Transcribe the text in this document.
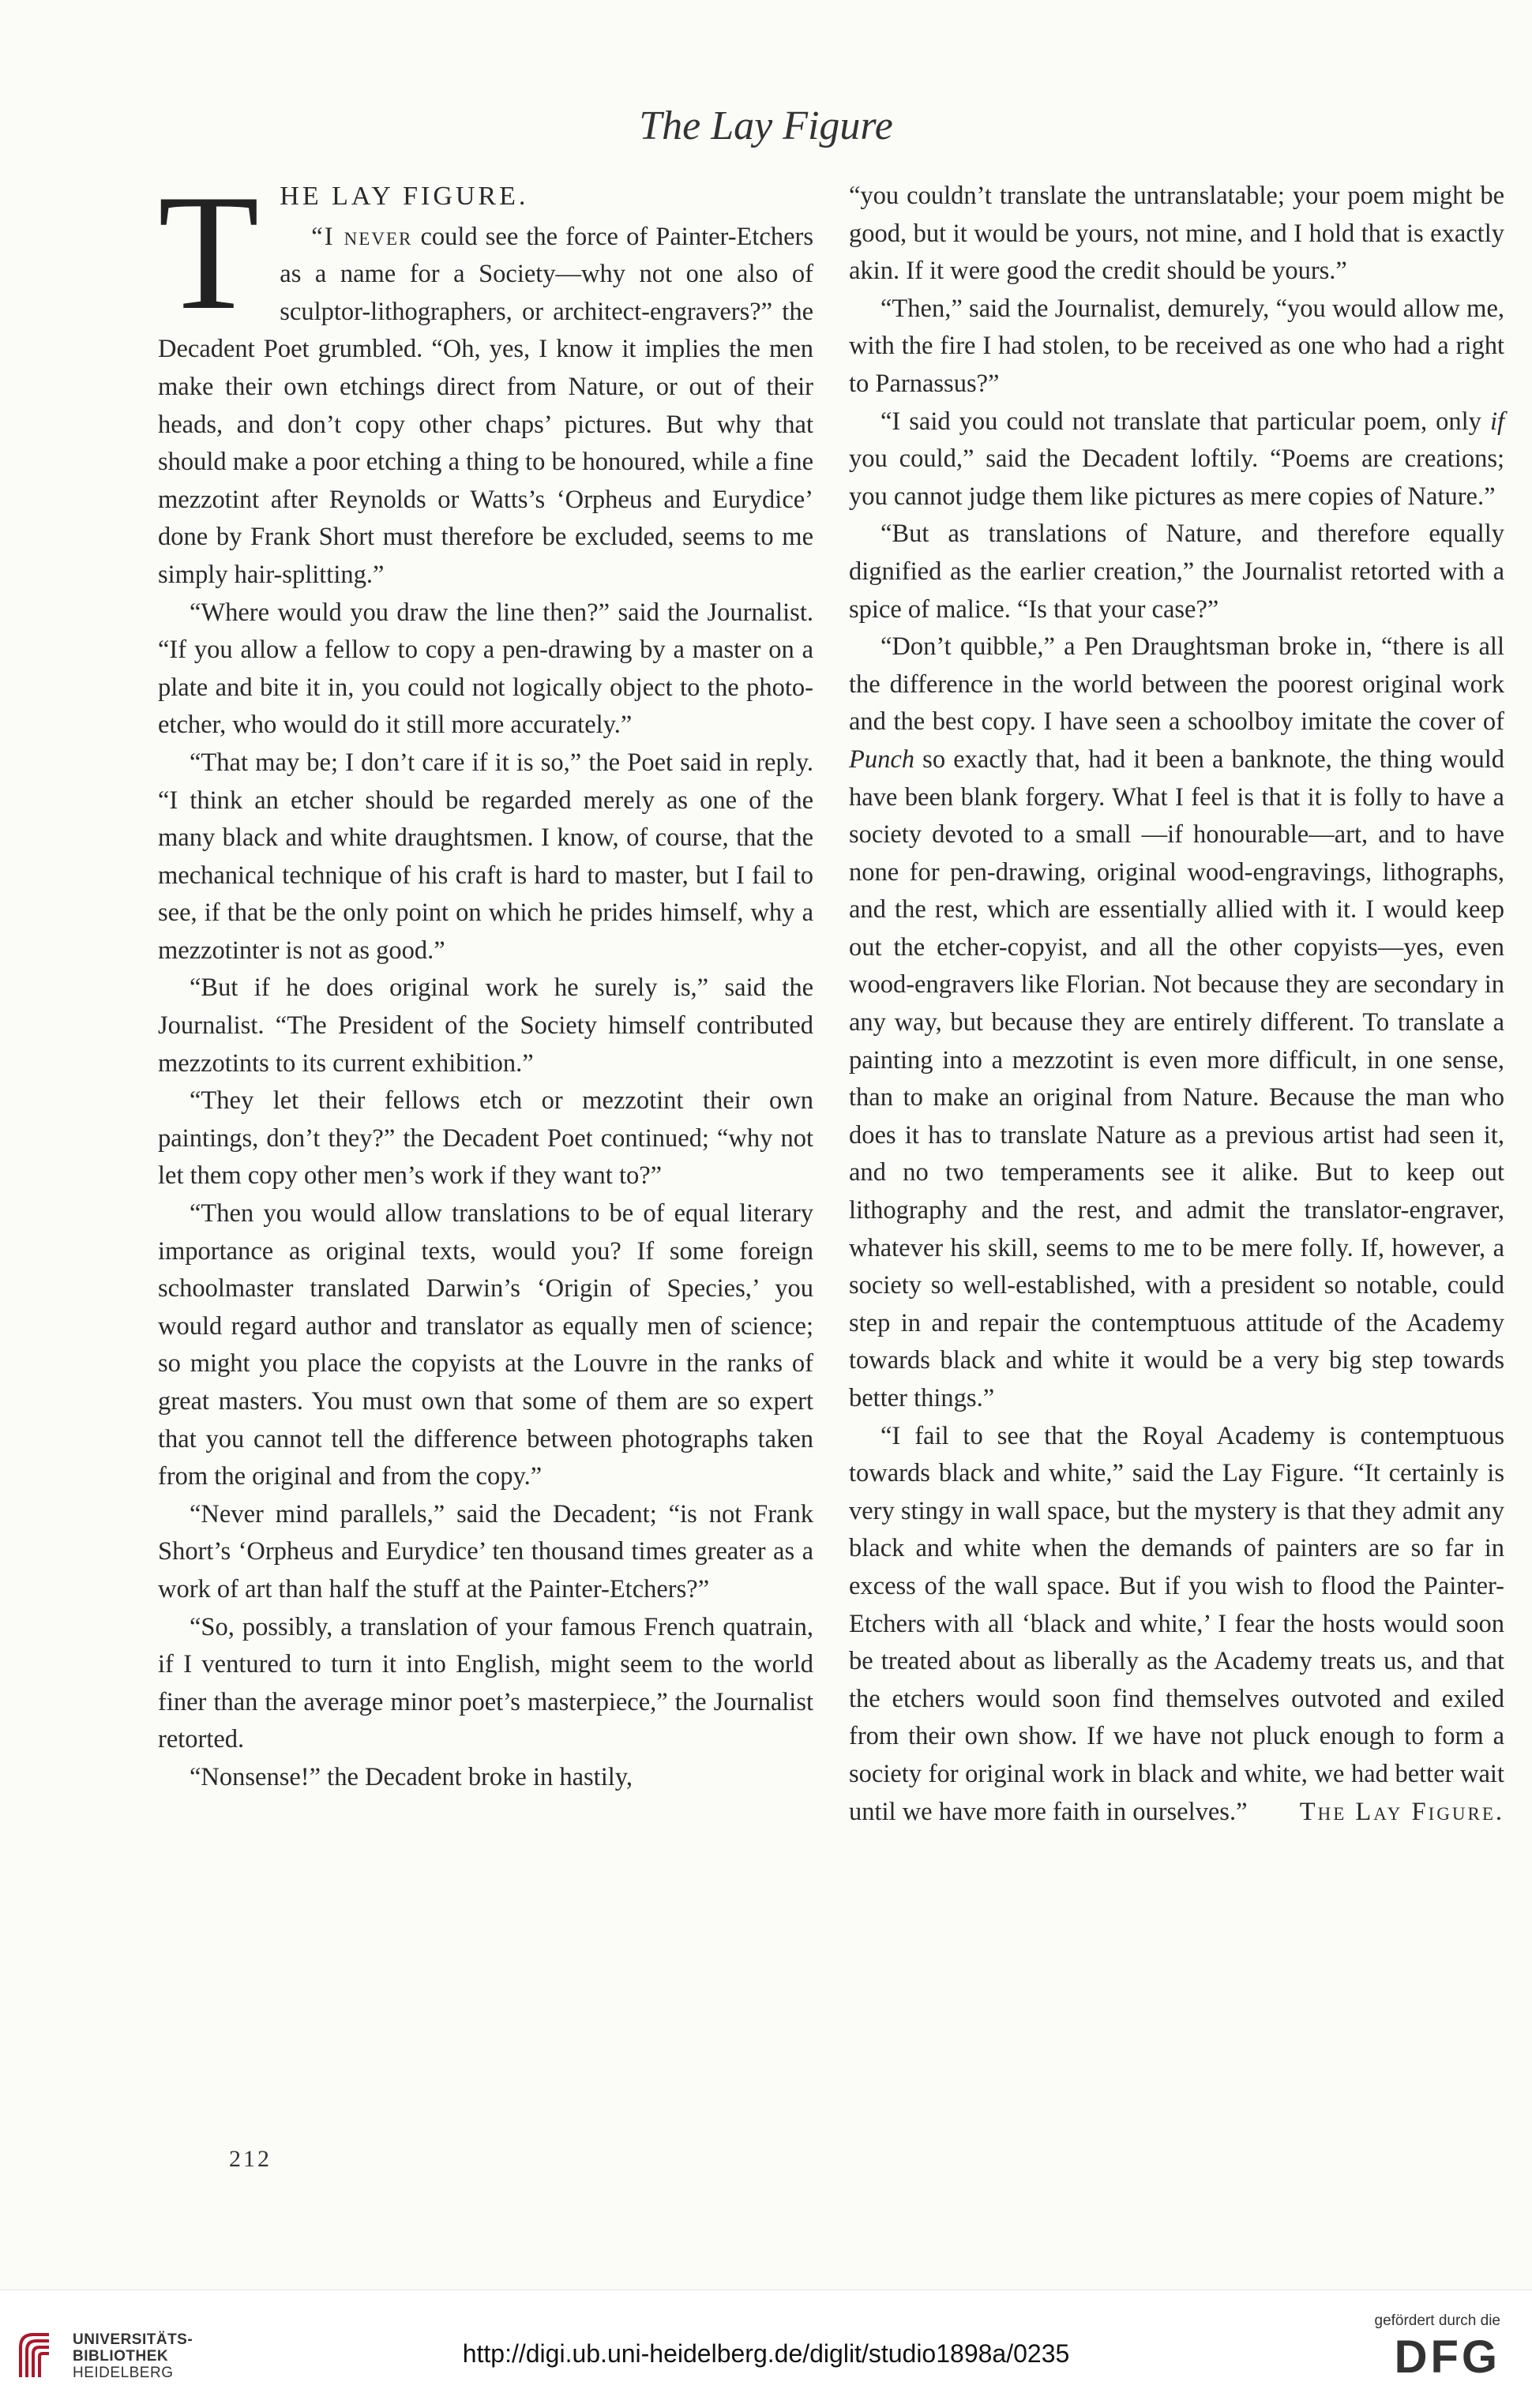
The Lay Figure
T HE LAY FIGURE.

“I never could see the force of Painter-Etchers as a name for a Society—why not one also of sculptor-lithographers, or architect-engravers?” the Decadent Poet grumbled. “Oh, yes, I know it implies the men make their own etchings direct from Nature, or out of their heads, and don’t copy other chaps’ pictures. But why that should make a poor etching a thing to be honoured, while a fine mezzotint after Reynolds or Watts’s ‘Orpheus and Eurydice’ done by Frank Short must therefore be excluded, seems to me simply hair-splitting.”

“Where would you draw the line then?” said the Journalist. “If you allow a fellow to copy a pen-drawing by a master on a plate and bite it in, you could not logically object to the photo-etcher, who would do it still more accurately.”

“That may be; I don’t care if it is so,” the Poet said in reply. “I think an etcher should be regarded merely as one of the many black and white draughtsmen. I know, of course, that the mechanical technique of his craft is hard to master, but I fail to see, if that be the only point on which he prides himself, why a mezzotinter is not as good.”

“But if he does original work he surely is,” said the Journalist. “The President of the Society himself contributed mezzotints to its current exhibition.”

“They let their fellows etch or mezzotint their own paintings, don’t they?” the Decadent Poet continued; “why not let them copy other men’s work if they want to?”

“Then you would allow translations to be of equal literary importance as original texts, would you? If some foreign schoolmaster translated Darwin’s ‘Origin of Species,’ you would regard author and translator as equally men of science; so might you place the copyists at the Louvre in the ranks of great masters. You must own that some of them are so expert that you cannot tell the difference between photographs taken from the original and from the copy.”

“Never mind parallels,” said the Decadent; “is not Frank Short’s ‘Orpheus and Eurydice’ ten thousand times greater as a work of art than half the stuff at the Painter-Etchers?”

“So, possibly, a translation of your famous French quatrain, if I ventured to turn it into English, might seem to the world finer than the average minor poet’s masterpiece,” the Journalist retorted.

“Nonsense!” the Decadent broke in hastily,

“you couldn’t translate the untranslatable; your poem might be good, but it would be yours, not mine, and I hold that is exactly akin. If it were good the credit should be yours.”

“Then,” said the Journalist, demurely, “you would allow me, with the fire I had stolen, to be received as one who had a right to Parnassus?”

“I said you could not translate that particular poem, only if you could,” said the Decadent loftily. “Poems are creations; you cannot judge them like pictures as mere copies of Nature.”

“But as translations of Nature, and therefore equally dignified as the earlier creation,” the Journalist retorted with a spice of malice. “Is that your case?”

“Don’t quibble,” a Pen Draughtsman broke in, “there is all the difference in the world between the poorest original work and the best copy. I have seen a schoolboy imitate the cover of Punch so exactly that, had it been a banknote, the thing would have been blank forgery. What I feel is that it is folly to have a society devoted to a small —if honourable—art, and to have none for pen-drawing, original wood-engravings, lithographs, and the rest, which are essentially allied with it. I would keep out the etcher-copyist, and all the other copyists—yes, even wood-engravers like Florian. Not because they are secondary in any way, but because they are entirely different. To translate a painting into a mezzotint is even more difficult, in one sense, than to make an original from Nature. Because the man who does it has to translate Nature as a previous artist had seen it, and no two temperaments see it alike. But to keep out lithography and the rest, and admit the translator-engraver, whatever his skill, seems to me to be mere folly. If, however, a society so well-established, with a president so notable, could step in and repair the contemptuous attitude of the Academy towards black and white it would be a very big step towards better things.”

“I fail to see that the Royal Academy is contemptuous towards black and white,” said the Lay Figure. “It certainly is very stingy in wall space, but the mystery is that they admit any black and white when the demands of painters are so far in excess of the wall space. But if you wish to flood the Painter-Etchers with all ‘black and white,’ I fear the hosts would soon be treated about as liberally as the Academy treats us, and that the etchers would soon find themselves outvoted and exiled from their own show. If we have not pluck enough to form a society for original work in black and white, we had better wait until we have more faith in ourselves.”	The Lay Figure.

212
UNIVERSITÄTS-
BIBLIOTHEK
HEIDELBERG
http://digi.ub.uni-heidelberg.de/diglit/studio1898a/0235
gefördert durch die
DFG
